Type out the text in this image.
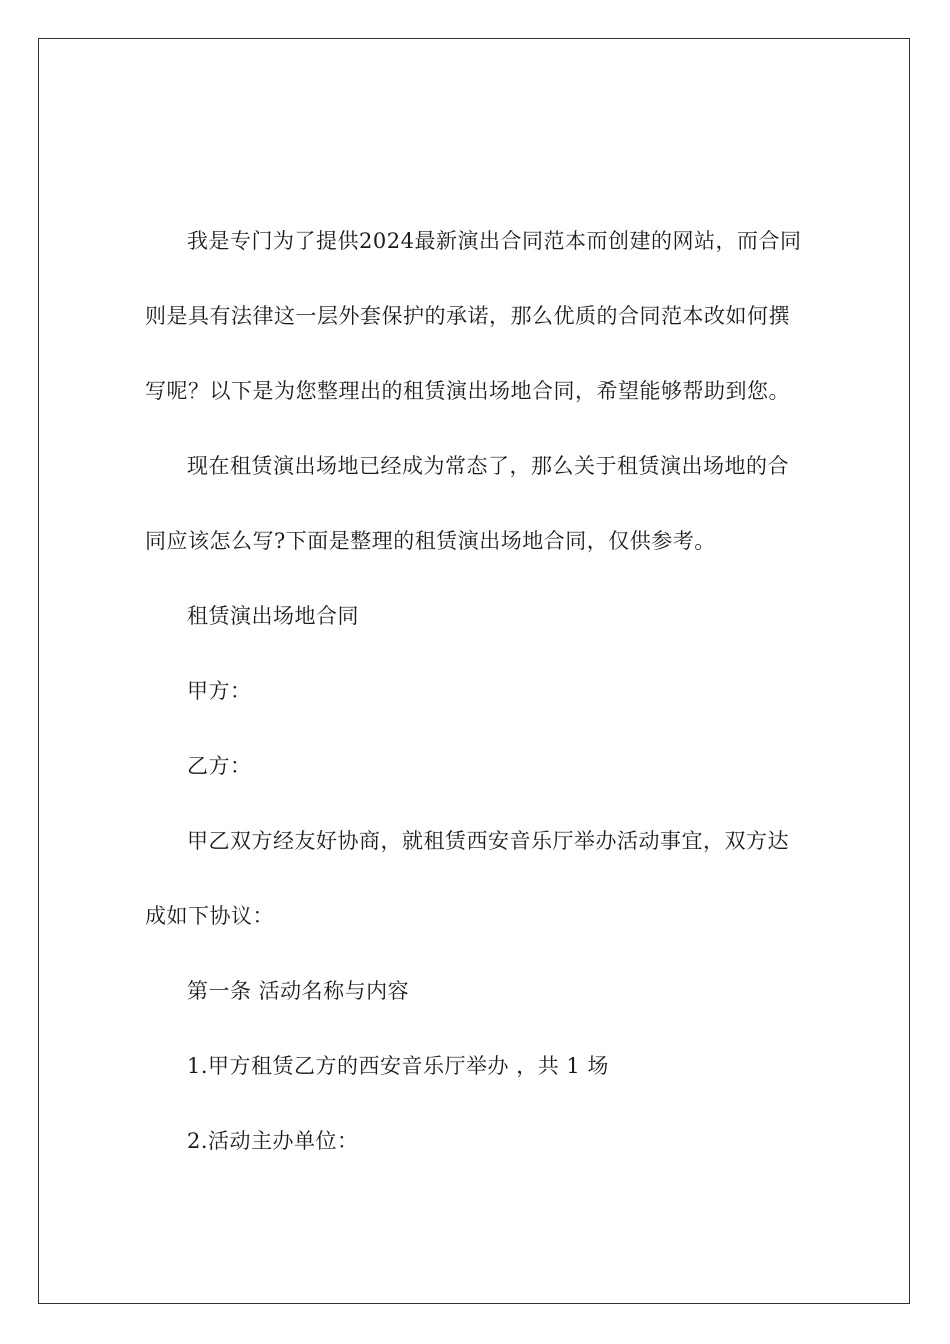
我是专门为了提供2024最新演出合同范本而创建的网站，而合同则是具有法律这一层外套保护的承诺，那么优质的合同范本改如何撰写呢？以下是为您整理出的租赁演出场地合同，希望能够帮助到您。

现在租赁演出场地已经成为常态了，那么关于租赁演出场地的合同应该怎么写?下面是整理的租赁演出场地合同，仅供参考。

租赁演出场地合同

甲方：

乙方：

甲乙双方经友好协商，就租赁西安音乐厅举办活动事宜，双方达成如下协议：

第一条 活动名称与内容

1.甲方租赁乙方的西安音乐厅举办 ，共 1 场

2.活动主办单位：
